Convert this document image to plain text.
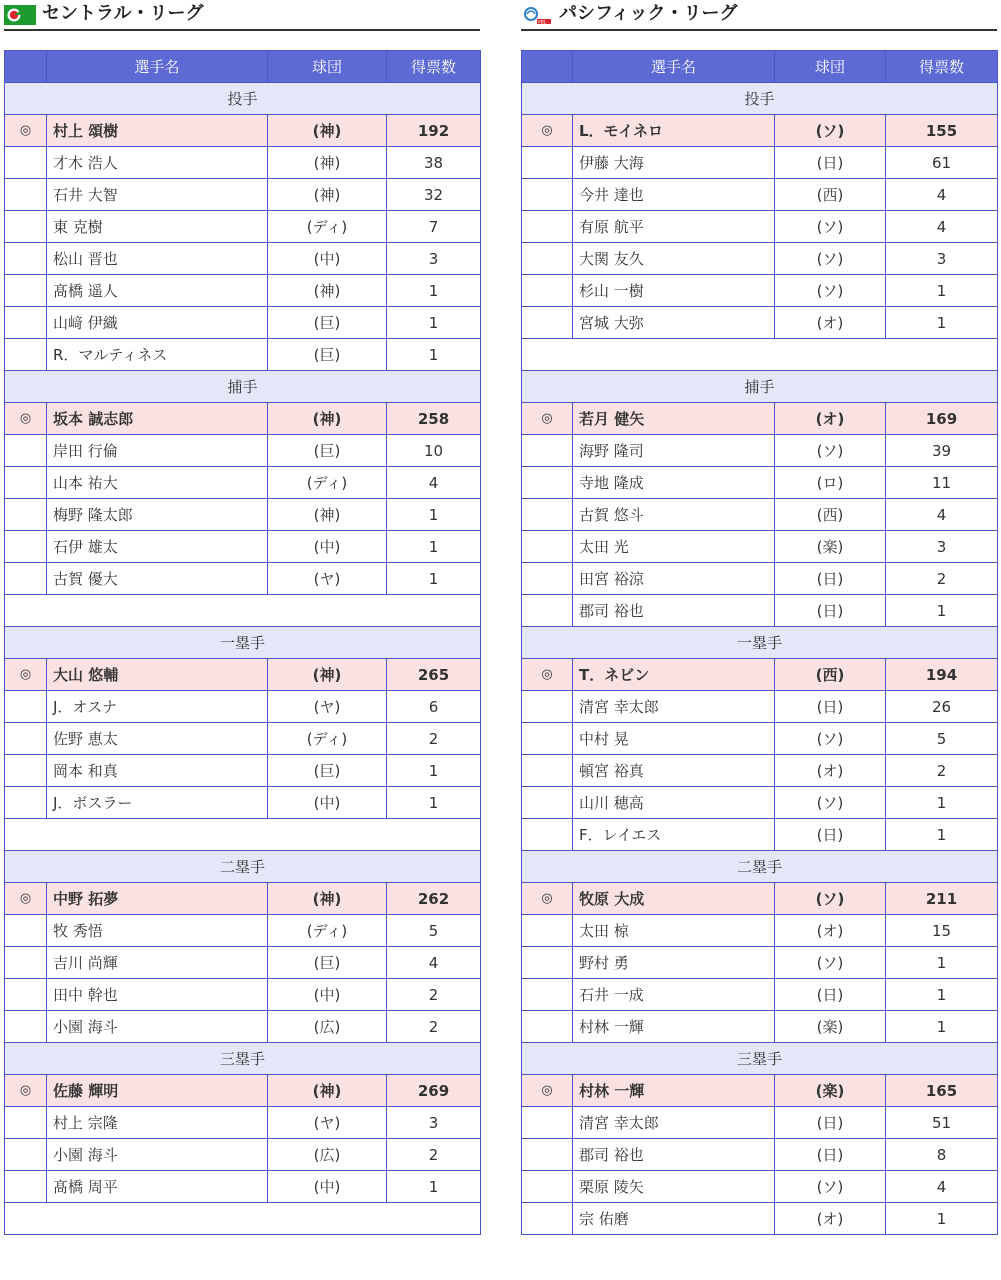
セントラル・リーグ
	選手名	球団	得票数
投手			
◎	村上 頌樹	(神)	192
	才木 浩人	(神)	38
	石井 大智	(神)	32
	東 克樹	(ディ)	7
	松山 晋也	(中)	3
	髙橋 遥人	(神)	1
	山﨑 伊織	(巨)	1
	R．マルティネス	(巨)	1
捕手			
◎	坂本 誠志郎	(神)	258
	岸田 行倫	(巨)	10
	山本 祐大	(ディ)	4
	梅野 隆太郎	(神)	1
	石伊 雄太	(中)	1
	古賀 優大	(ヤ)	1

一塁手			
◎	大山 悠輔	(神)	265
	J．オスナ	(ヤ)	6
	佐野 恵太	(ディ)	2
	岡本 和真	(巨)	1
	J．ボスラー	(中)	1

二塁手			
◎	中野 拓夢	(神)	262
	牧 秀悟	(ディ)	5
	吉川 尚輝	(巨)	4
	田中 幹也	(中)	2
	小園 海斗	(広)	2
三塁手			
◎	佐藤 輝明	(神)	269
	村上 宗隆	(ヤ)	3
	小園 海斗	(広)	2
	髙橋 周平	(中)	1

PBL パシフィック・リーグ
	選手名	球団	得票数
投手			
◎	L．モイネロ	(ソ)	155
	伊藤 大海	(日)	61
	今井 達也	(西)	4
	有原 航平	(ソ)	4
	大関 友久	(ソ)	3
	杉山 一樹	(ソ)	1
	宮城 大弥	(オ)	1

捕手			
◎	若月 健矢	(オ)	169
	海野 隆司	(ソ)	39
	寺地 隆成	(ロ)	11
	古賀 悠斗	(西)	4
	太田 光	(楽)	3
	田宮 裕涼	(日)	2
	郡司 裕也	(日)	1
一塁手			
◎	T．ネビン	(西)	194
	清宮 幸太郎	(日)	26
	中村 晃	(ソ)	5
	頓宮 裕真	(オ)	2
	山川 穂高	(ソ)	1
	F．レイエス	(日)	1
二塁手			
◎	牧原 大成	(ソ)	211
	太田 椋	(オ)	15
	野村 勇	(ソ)	1
	石井 一成	(日)	1
	村林 一輝	(楽)	1
三塁手			
◎	村林 一輝	(楽)	165
	清宮 幸太郎	(日)	51
	郡司 裕也	(日)	8
	栗原 陵矢	(ソ)	4
	宗 佑磨	(オ)	1
